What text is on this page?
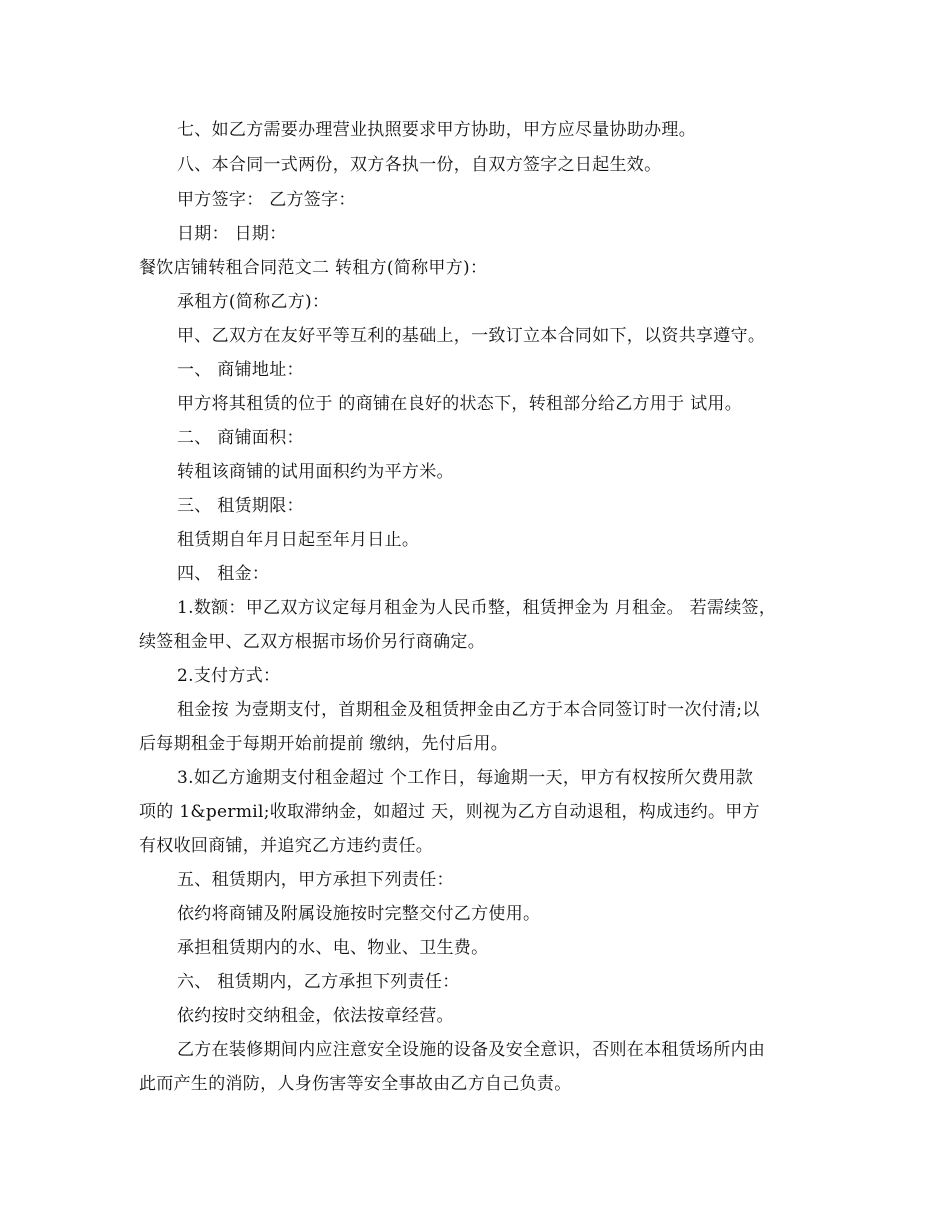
七、如乙方需要办理营业执照要求甲方协助，甲方应尽量协助办理。
八、本合同一式两份，双方各执一份，自双方签字之日起生效。
甲方签字： 乙方签字：
日期： 日期：
餐饮店铺转租合同范文二 转租方(简称甲方)：
承租方(简称乙方)：
甲、乙双方在友好平等互利的基础上，一致订立本合同如下，以资共享遵守。
一、 商铺地址：
甲方将其租赁的位于 的商铺在良好的状态下，转租部分给乙方用于 试用。
二、 商铺面积：
转租该商铺的试用面积约为平方米。
三、 租赁期限：
租赁期自年月日起至年月日止。
四、 租金：
1.数额：甲乙双方议定每月租金为人民币整，租赁押金为 月租金。 若需续签，
续签租金甲、乙双方根据市场价另行商确定。
2.支付方式：
租金按 为壹期支付，首期租金及租赁押金由乙方于本合同签订时一次付清;以
后每期租金于每期开始前提前 缴纳，先付后用。
3.如乙方逾期支付租金超过 个工作日，每逾期一天，甲方有权按所欠费用款
项的 1&permil;收取滞纳金，如超过 天，则视为乙方自动退租，构成违约。甲方
有权收回商铺，并追究乙方违约责任。
五、租赁期内，甲方承担下列责任：
依约将商铺及附属设施按时完整交付乙方使用。
承担租赁期内的水、电、物业、卫生费。
六、 租赁期内，乙方承担下列责任：
依约按时交纳租金，依法按章经营。
乙方在装修期间内应注意安全设施的设备及安全意识，否则在本租赁场所内由
此而产生的消防，人身伤害等安全事故由乙方自己负责。
